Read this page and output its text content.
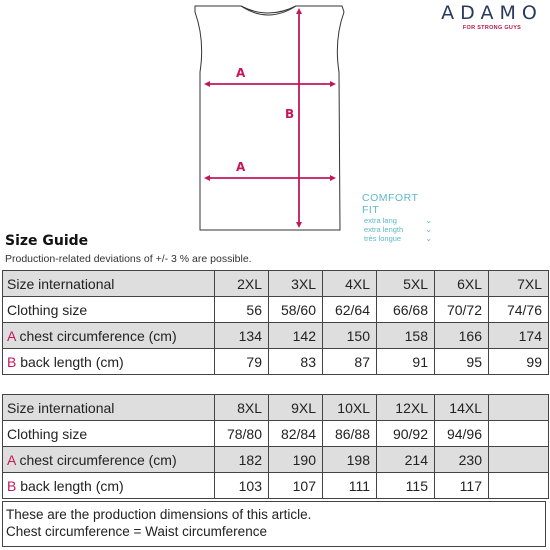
ADAMO
FOR STRONG GUYS
A
B
A
COMFORT FIT
extra lang	⌄
extra length	⌄
très longue	⌄
Size Guide
Production-related deviations of +/- 3 % are possible.
Size international	2XL	3XL	4XL	5XL	6XL	7XL
Clothing size	56	58/60	62/64	66/68	70/72	74/76
A chest circumference (cm)	134	142	150	158	166	174
B back length (cm)	79	83	87	91	95	99
Size international	8XL	9XL	10XL	12XL	14XL	
Clothing size	78/80	82/84	86/88	90/92	94/96	
A chest circumference (cm)	182	190	198	214	230	
B back length (cm)	103	107	111	115	117	
These are the production dimensions of this article.
Chest circumference = Waist circumference
